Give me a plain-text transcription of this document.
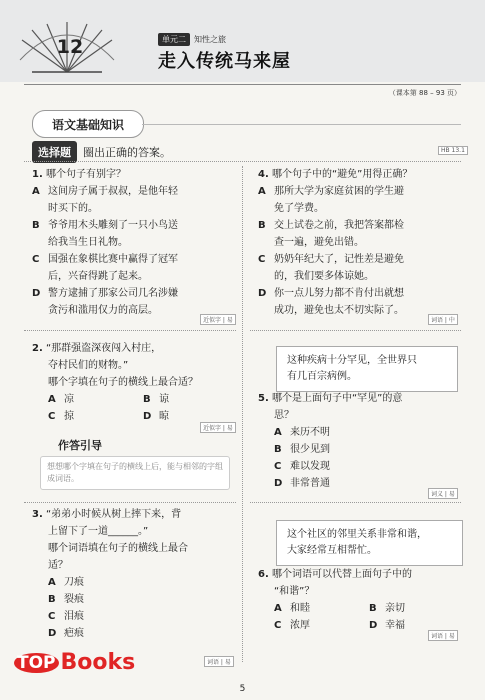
12	单元二	知性之旅
走入传统马来屋
（课本第 88 – 93 页）
语文基础知识
HB 13.1
选择题	圈出正确的答案。
1. 哪个句子有别字？
A 这间房子属于叔叔，是他年轻
时买下的。
B 爷爷用木头雕刻了一只小鸟送
给我当生日礼物。
C 国强在象棋比赛中赢得了冠军
后，兴奋得跳了起来。
D 警方逮捕了那家公司几名涉嫌
贪污和滥用仅力的高层。
近似字 | 易
2. “那群强盗深夜闯入村庄，
夺村民们的财物。”
哪个字填在句子的横线上最合适？
A 凉	B 谅
C 掠	D 晾
近似字 | 易
作答引导
想想哪个字填在句子的横线上后，能与相邻的字组成词语。
3. “弟弟小时候从树上摔下来，背
上留下了一道______。”
哪个词语填在句子的横线上最合
适？
A 刀痕
B 裂痕
C 泪痕
D 疤痕
词语 | 易
4. 哪个句子中的“避免”用得正确？
A 那所大学为家庭贫困的学生避
免了学费。
B 交上试卷之前，我把答案都检
查一遍，避免出错。
C 奶奶年纪大了，记性差是避免
的，我们要多体谅她。
D 你一点儿努力都不肯付出就想
成功，避免也太不切实际了。
词语 | 中
这种疾病十分罕见，全世界只
有几百宗病例。
5. 哪个是上面句子中“罕见”的意
思？
A 来历不明
B 很少见到
C 难以发现
D 非常普通
词义 | 易
这个社区的邻里关系非常和谐，
大家经常互相帮忙。
6. 哪个词语可以代替上面句子中的
“和谐”？
A 和睦	B 亲切
C 浓厚	D 幸福
词语 | 易
5
TOP Books
